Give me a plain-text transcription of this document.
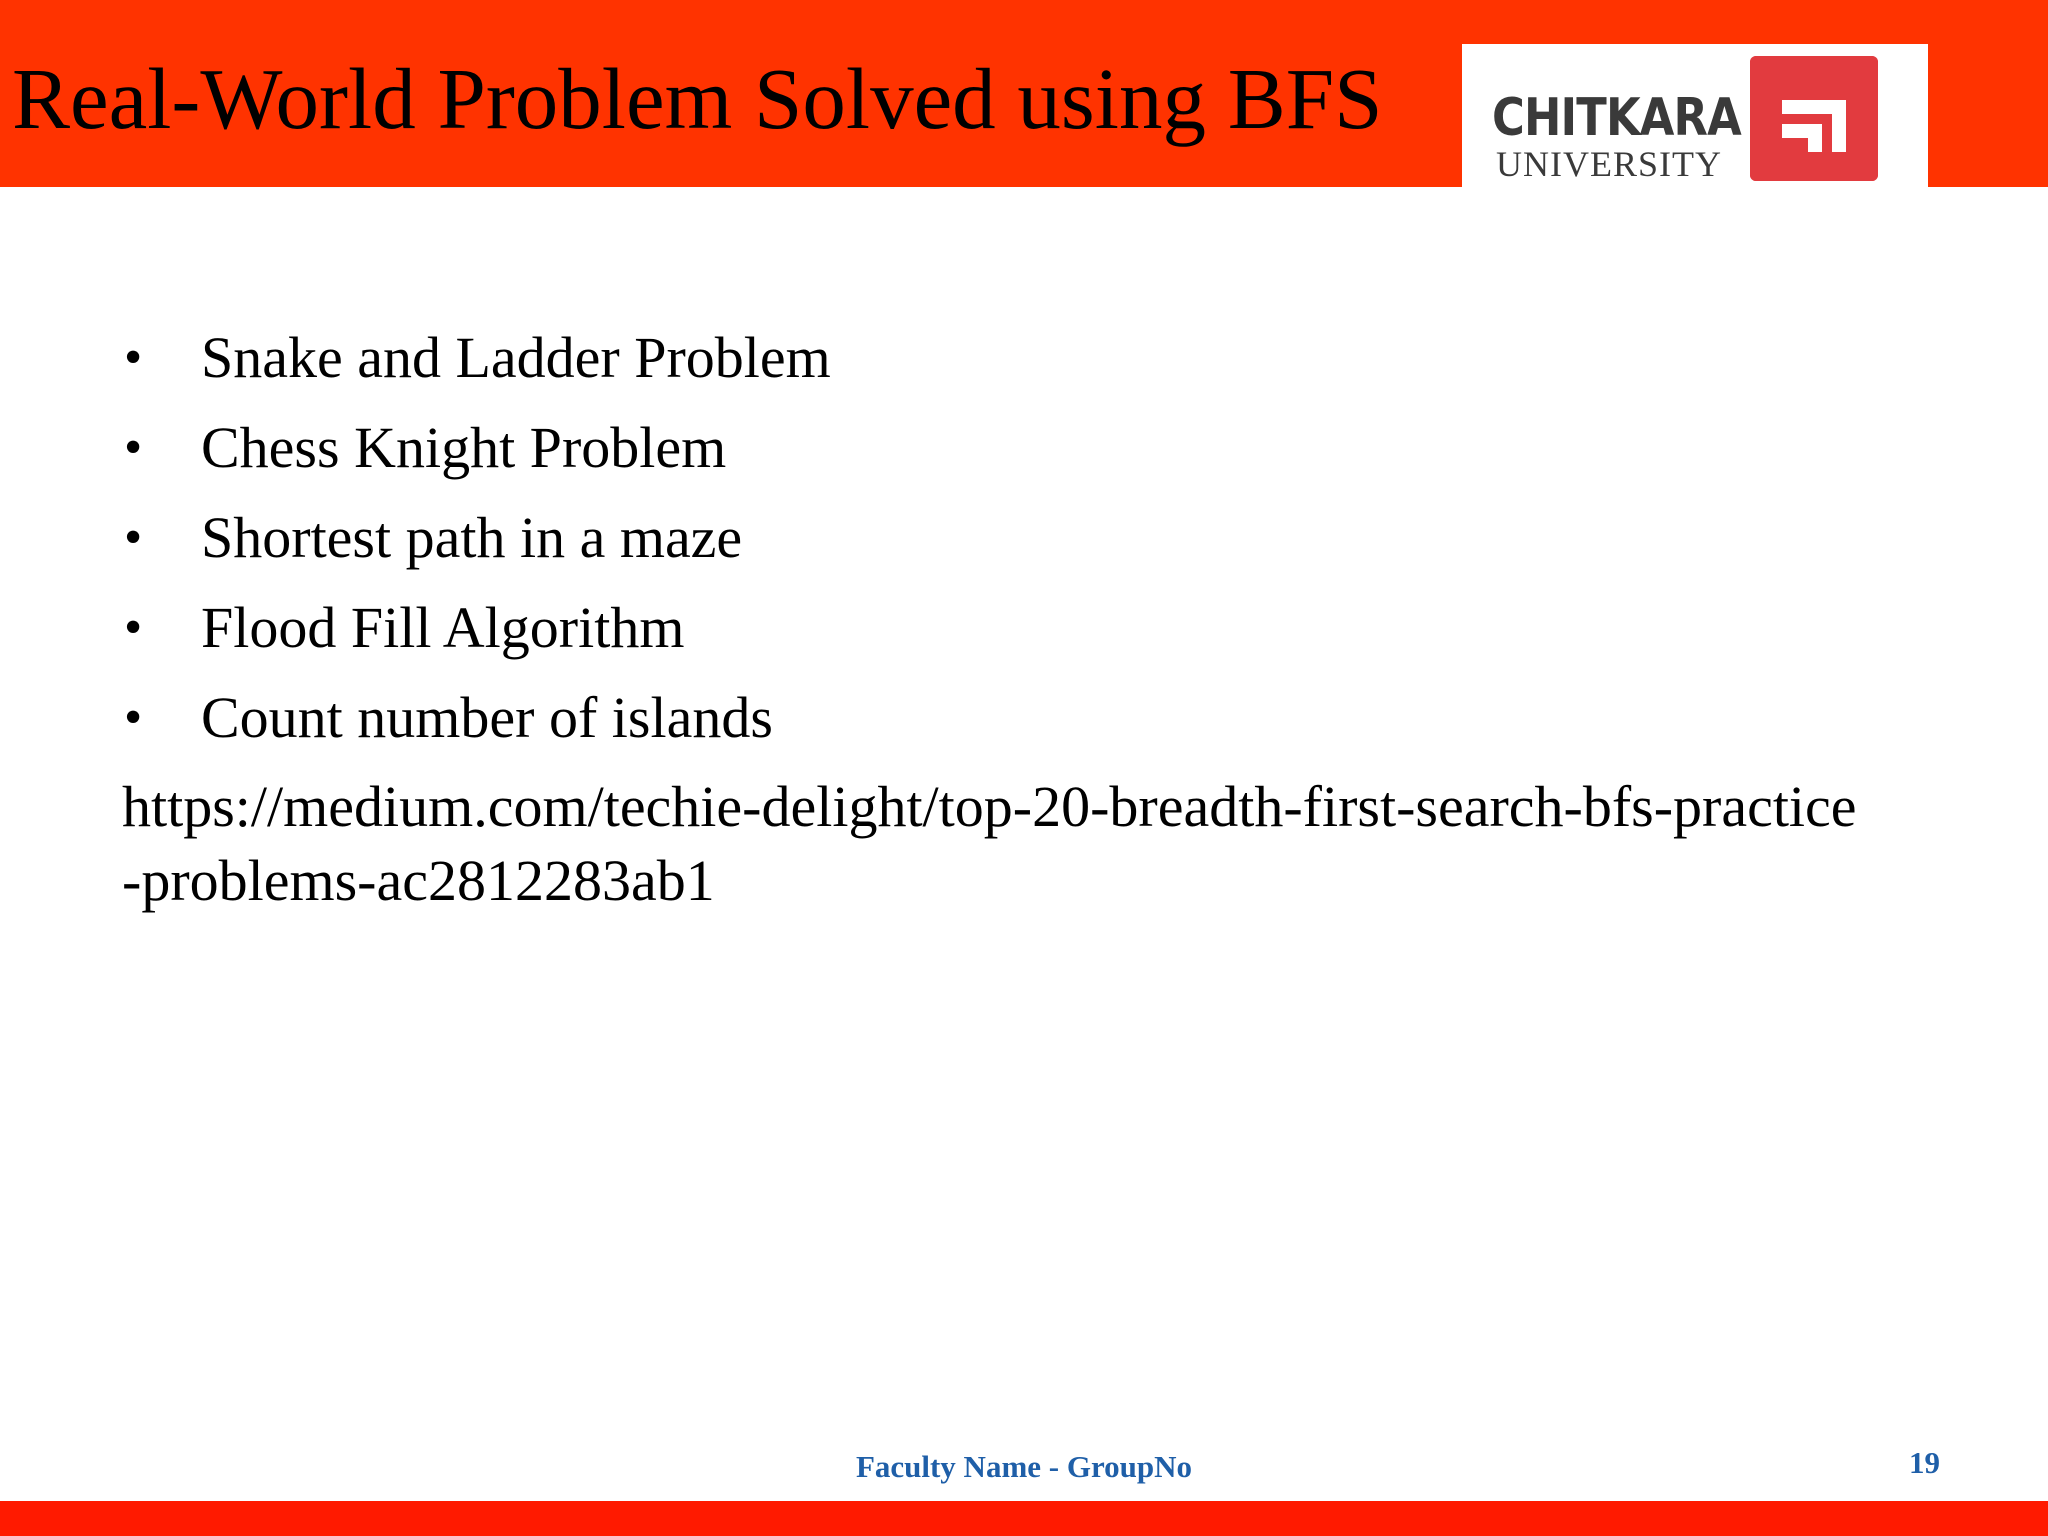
Real-World Problem Solved using BFS CHITKARA
UNIVERSITY
• Snake and Ladder Problem
• Chess Knight Problem
• Shortest path in a maze
• Flood Fill Algorithm
• Count number of islands
https://medium.com/techie-delight/top-20-breadth-first-search-bfs-practice-problems-ac2812283ab1
Faculty Name - GroupNo	19
